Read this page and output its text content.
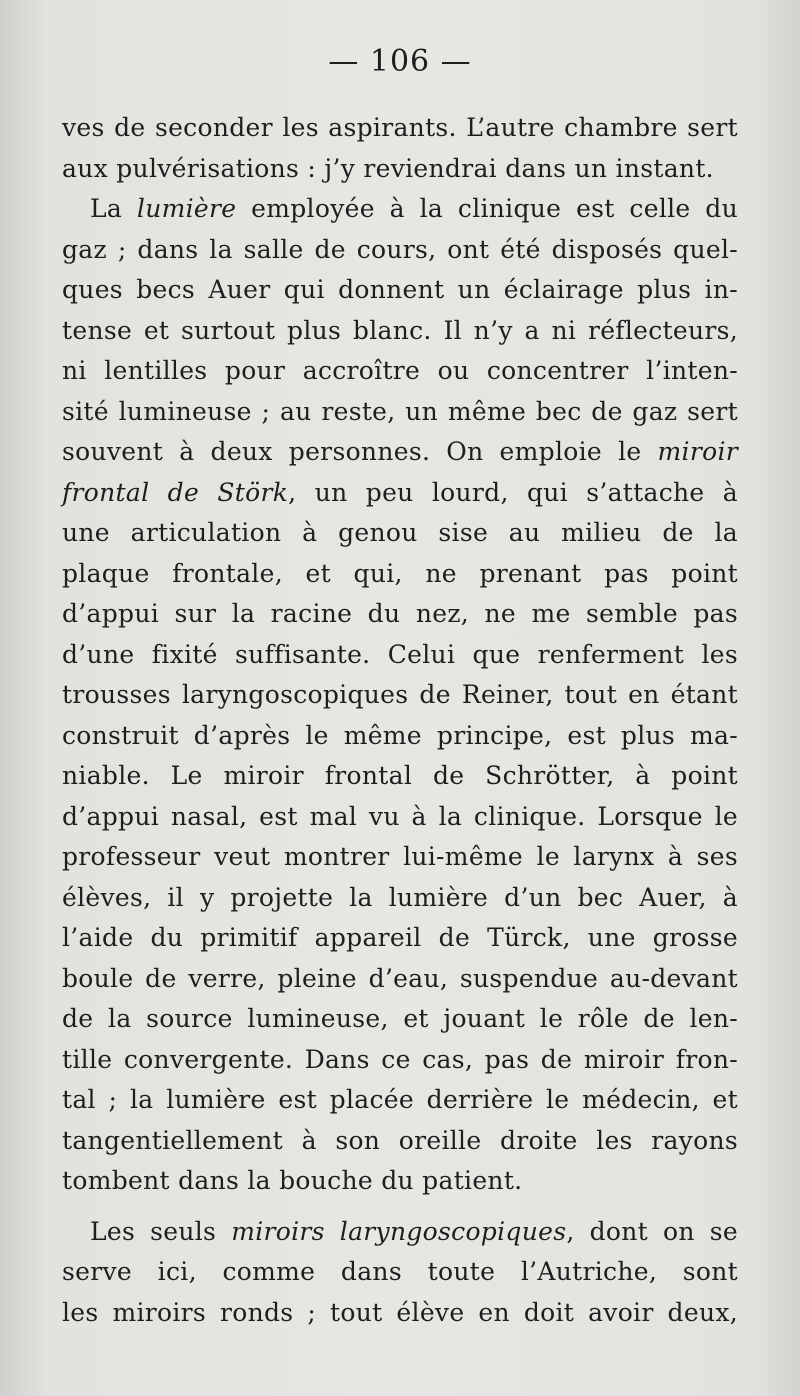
— 106 —
ves de seconder les aspirants. L’autre chambre sert
aux pulvérisations : j’y reviendrai dans un instant.
La lumière employée à la clinique est celle du
gaz ; dans la salle de cours, ont été disposés quel-
ques becs Auer qui donnent un éclairage plus in-
tense et surtout plus blanc. Il n’y a ni réflecteurs,
ni lentilles pour accroître ou concentrer l’inten-
sité lumineuse ; au reste, un même bec de gaz sert
souvent à deux personnes. On emploie le miroir
frontal de Störk, un peu lourd, qui s’attache à
une articulation à genou sise au milieu de la
plaque frontale, et qui, ne prenant pas point
d’appui sur la racine du nez, ne me semble pas
d’une fixité suffisante. Celui que renferment les
trousses laryngoscopiques de Reiner, tout en étant
construit d’après le même principe, est plus ma-
niable. Le miroir frontal de Schrötter, à point
d’appui nasal, est mal vu à la clinique. Lorsque le
professeur veut montrer lui-même le larynx à ses
élèves, il y projette la lumière d’un bec Auer, à
l’aide du primitif appareil de Türck, une grosse
boule de verre, pleine d’eau, suspendue au-devant
de la source lumineuse, et jouant le rôle de len-
tille convergente. Dans ce cas, pas de miroir fron-
tal ; la lumière est placée derrière le médecin, et
tangentiellement à son oreille droite les rayons
tombent dans la bouche du patient.
Les seuls miroirs laryngoscopiques, dont on se
serve ici, comme dans toute l’Autriche, sont
les miroirs ronds ; tout élève en doit avoir deux,
